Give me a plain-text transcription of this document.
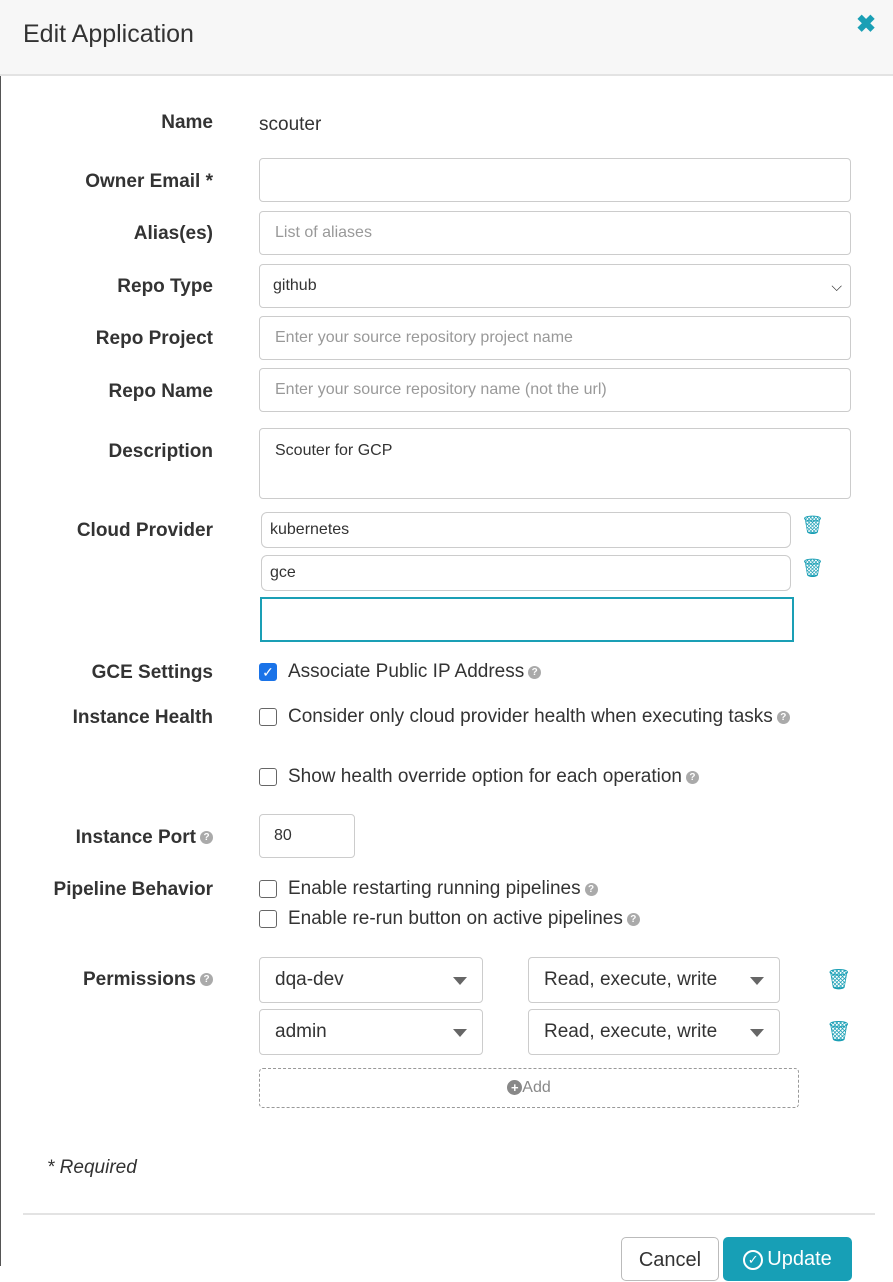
Edit Application	✖
Name scouter
Owner Email *
Alias(es)	List of aliases
Repo Type	github	⌵
Repo Project	Enter your source repository project name
Repo Name	Enter your source repository name (not the url)
Description	Scouter for GCP
Cloud Provider	kubernetes	🗑
gce	🗑
GCE Settings	✓ Associate Public IP Address ?
Instance Health	Consider only cloud provider health when executing tasks ?
Show health override option for each operation ?
Instance Port ?	80
Pipeline Behavior	Enable restarting running pipelines ?
Enable re-run button on active pipelines ?
Permissions ?	dqa-dev	Read, execute, write	🗑
admin	Read, execute, write	🗑
+ Add
* Required
Cancel	✓ Update
